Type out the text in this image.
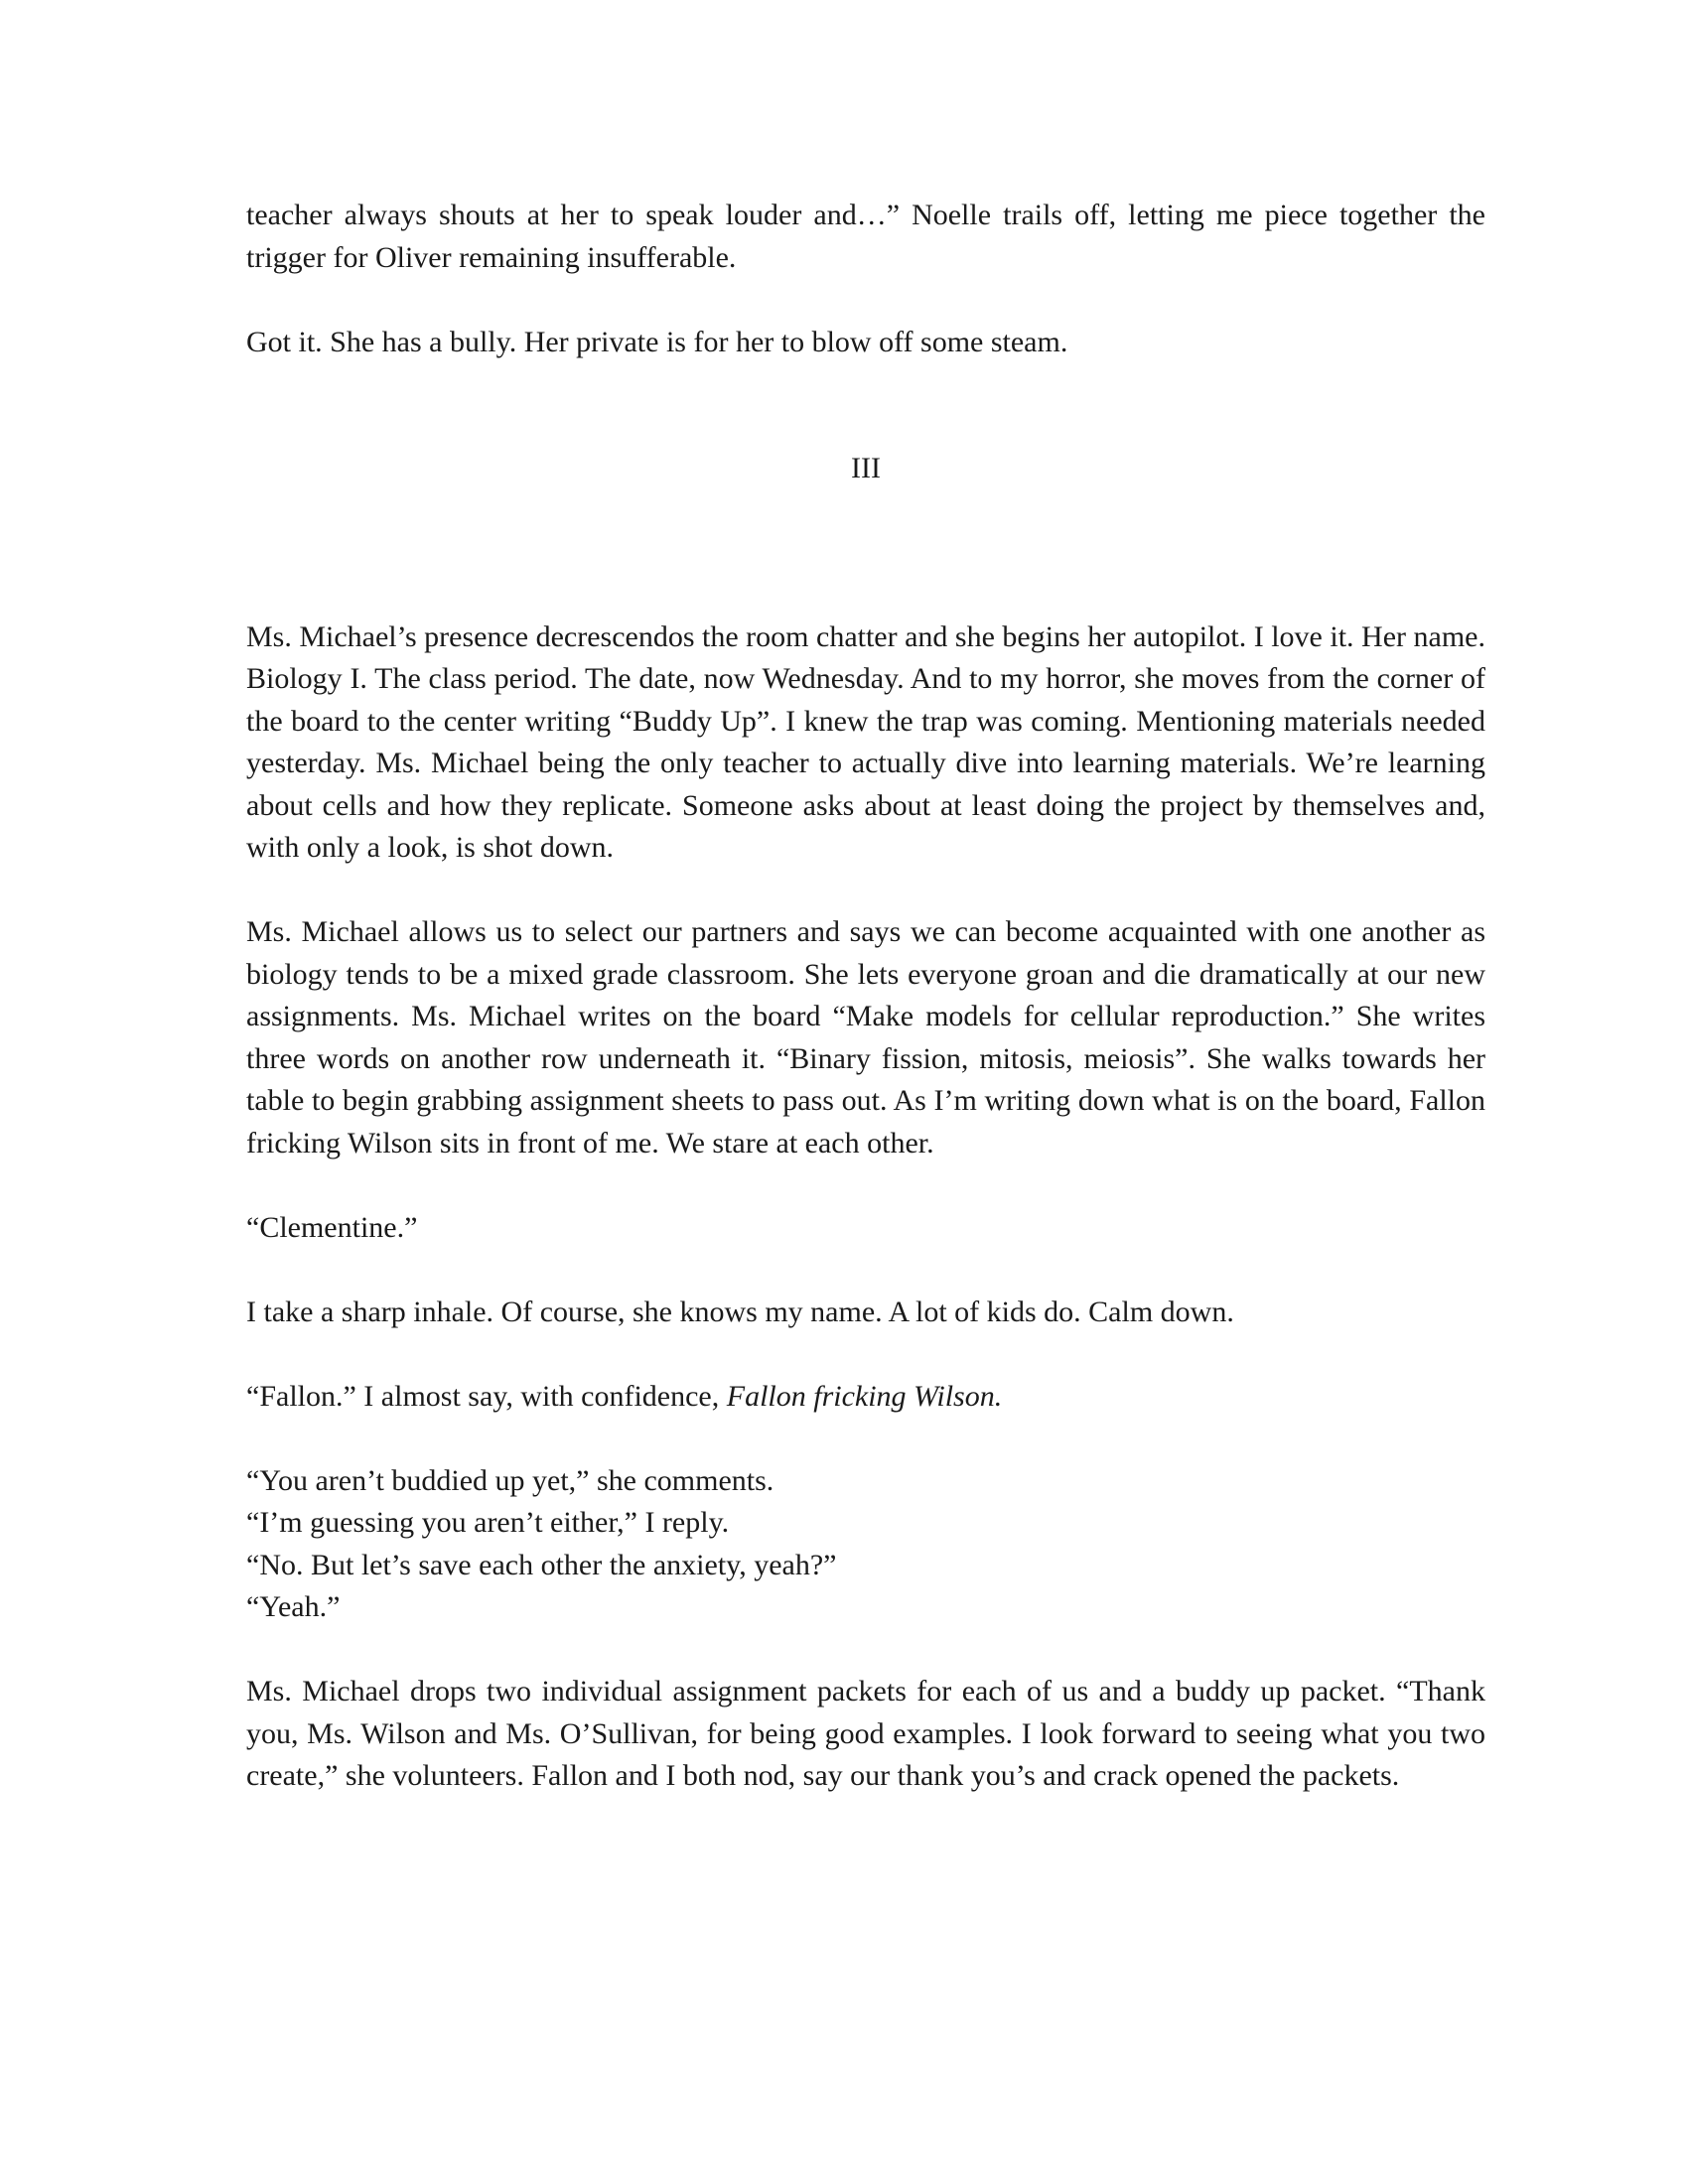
teacher always shouts at her to speak louder and…” Noelle trails off, letting me piece together the trigger for Oliver remaining insufferable.

Got it. She has a bully. Her private is for her to blow off some steam.

III

Ms. Michael’s presence decrescendos the room chatter and she begins her autopilot. I love it. Her name. Biology I. The class period. The date, now Wednesday. And to my horror, she moves from the corner of the board to the center writing “Buddy Up”. I knew the trap was coming. Mentioning materials needed yesterday. Ms. Michael being the only teacher to actually dive into learning materials. We’re learning about cells and how they replicate. Someone asks about at least doing the project by themselves and, with only a look, is shot down.

Ms. Michael allows us to select our partners and says we can become acquainted with one another as biology tends to be a mixed grade classroom. She lets everyone groan and die dramatically at our new assignments. Ms. Michael writes on the board “Make models for cellular reproduction.” She writes three words on another row underneath it. “Binary fission, mitosis, meiosis”. She walks towards her table to begin grabbing assignment sheets to pass out. As I’m writing down what is on the board, Fallon fricking Wilson sits in front of me. We stare at each other.

“Clementine.”

I take a sharp inhale. Of course, she knows my name. A lot of kids do. Calm down.

“Fallon.” I almost say, with confidence, Fallon fricking Wilson.

“You aren’t buddied up yet,” she comments.

“I’m guessing you aren’t either,” I reply.

“No. But let’s save each other the anxiety, yeah?”

“Yeah.”

Ms. Michael drops two individual assignment packets for each of us and a buddy up packet. “Thank you, Ms. Wilson and Ms. O’Sullivan, for being good examples. I look forward to seeing what you two create,” she volunteers. Fallon and I both nod, say our thank you’s and crack opened the packets.
